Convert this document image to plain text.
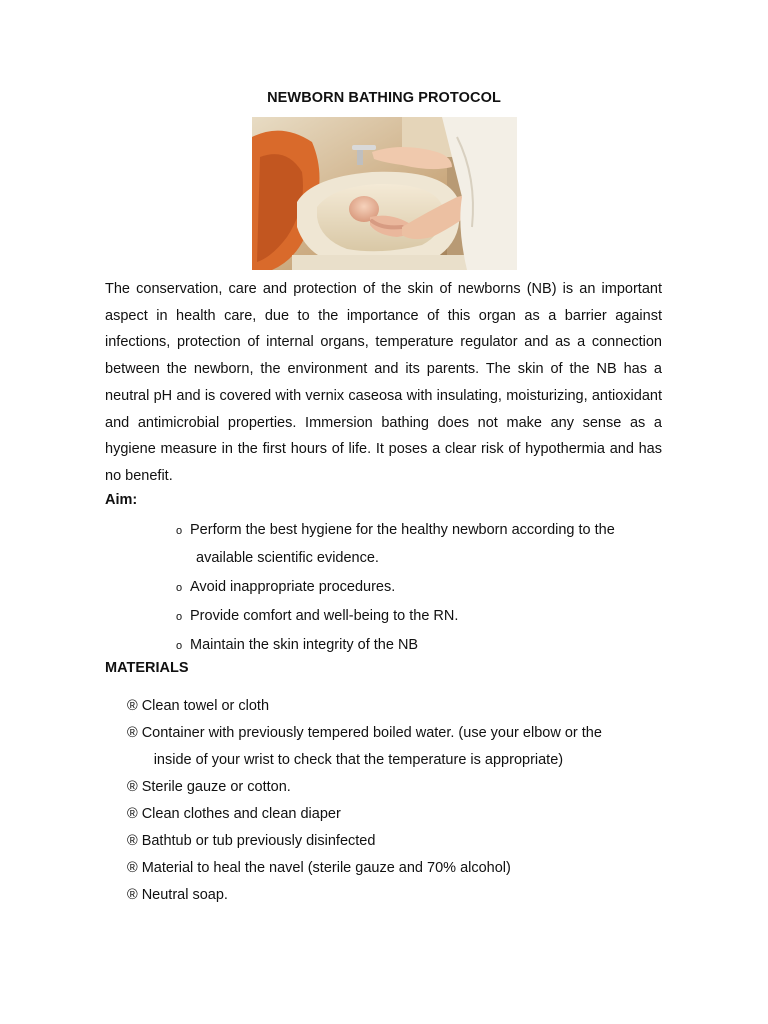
NEWBORN BATHING PROTOCOL

The conservation, care and protection of the skin of newborns (NB) is an important aspect in health care, due to the importance of this organ as a barrier against infections, protection of internal organs, temperature regulator and as a connection between the newborn, the environment and its parents. The skin of the NB has a neutral pH and is covered with vernix caseosa with insulating, moisturizing, antioxidant and antimicrobial properties. Immersion bathing does not make any sense as a hygiene measure in the first hours of life. It poses a clear risk of hypothermia and has no benefit.

Aim:
o Perform the best hygiene for the healthy newborn according to the
available scientific evidence.
o Avoid inappropriate procedures.
o Provide comfort and well-being to the RN.
o Maintain the skin integrity of the NB
MATERIALS
® Clean towel or cloth
® Container with previously tempered boiled water. (use your elbow or the
inside of your wrist to check that the temperature is appropriate)
® Sterile gauze or cotton.
® Clean clothes and clean diaper
® Bathtub or tub previously disinfected
® Material to heal the navel (sterile gauze and 70% alcohol)
® Neutral soap.
